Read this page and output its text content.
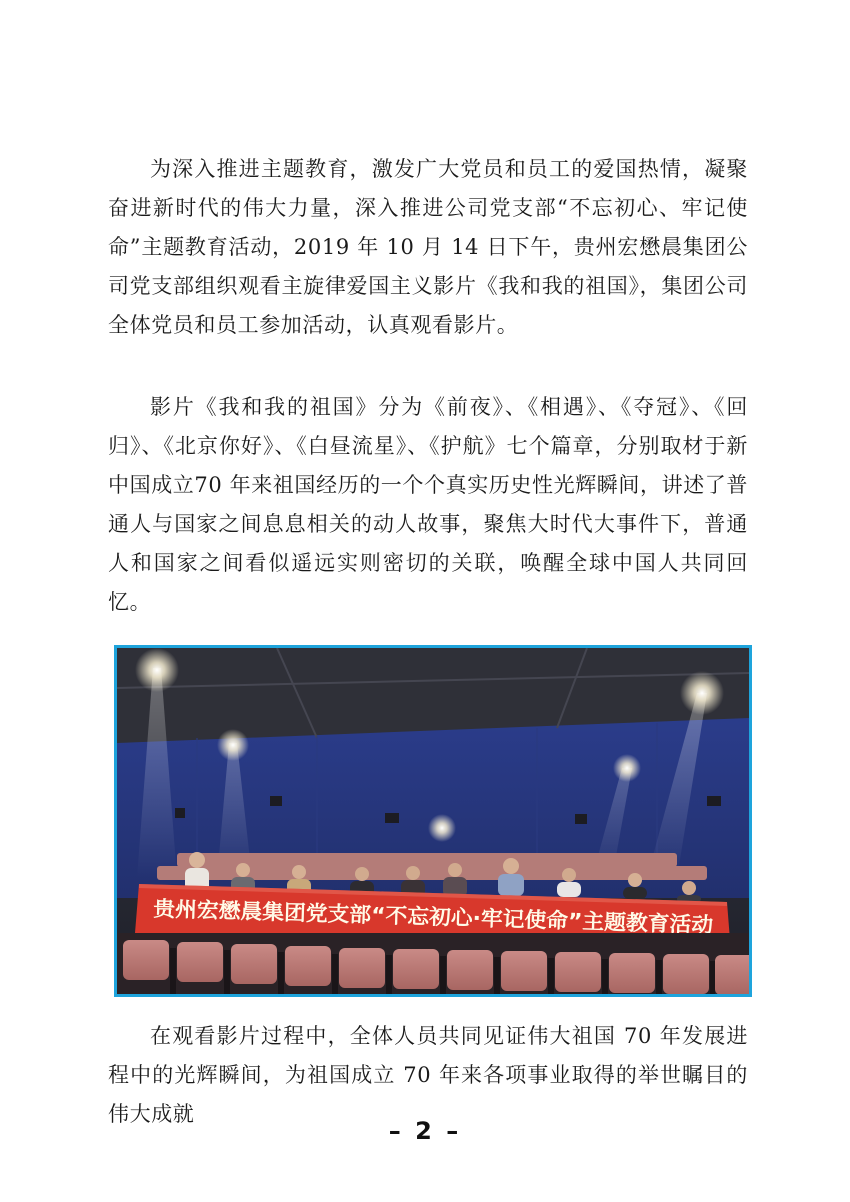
为深入推进主题教育，激发广大党员和员工的爱国热情，凝聚奋进新时代的伟大力量，深入推进公司党支部“不忘初心、牢记使命”主题教育活动，2019 年 10 月 14 日下午，贵州宏懋晨集团公司党支部组织观看主旋律爱国主义影片《我和我的祖国》，集团公司全体党员和员工参加活动，认真观看影片。

影片《我和我的祖国》分为《前夜》、《相遇》、《夺冠》、《回归》、《北京你好》、《白昼流星》、《护航》七个篇章，分别取材于新中国成立70 年来祖国经历的一个个真实历史性光辉瞬间，讲述了普通人与国家之间息息相关的动人故事，聚焦大时代大事件下，普通人和国家之间看似遥远实则密切的关联，唤醒全球中国人共同回忆。

贵州宏懋晨集团党支部“不忘初心·牢记使命”主题教育活动

在观看影片过程中，全体人员共同见证伟大祖国 70 年发展进程中的光辉瞬间，为祖国成立 70 年来各项事业取得的举世瞩目的伟大成就

– 2 –
